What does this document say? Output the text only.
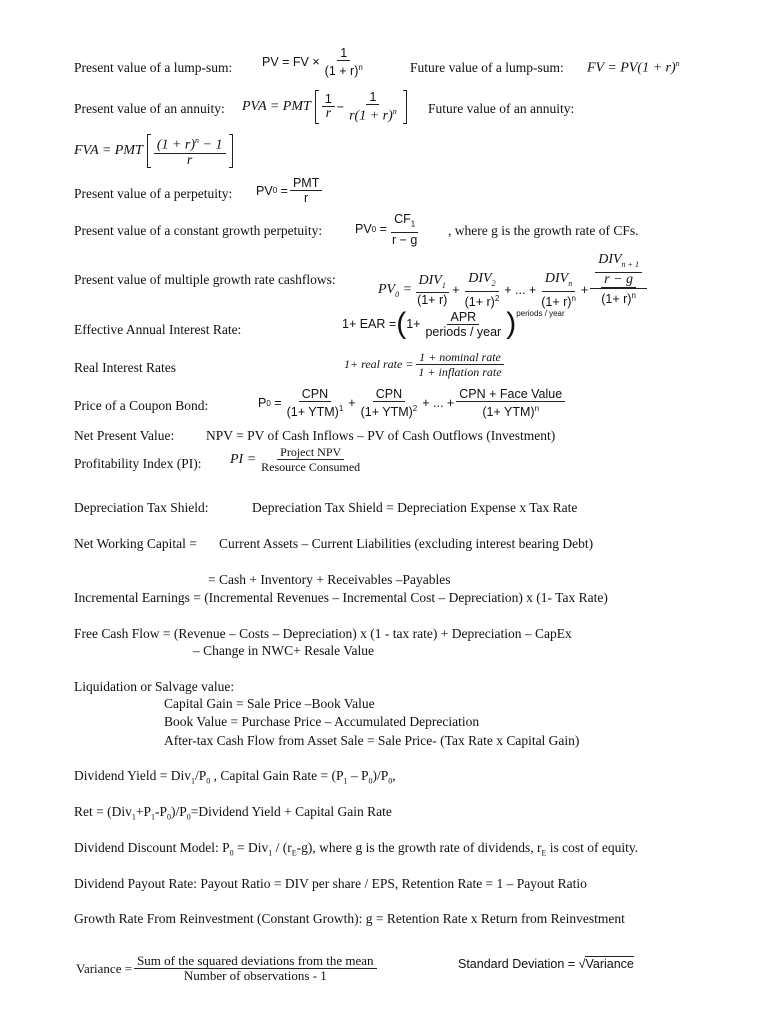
Present value of a lump-sum: PV = FV × $\frac{1}{(1 + r)^n}$	Future value of a lump-sum: FV = $PV(1 + r)^n$
Present value of an annuity: PVA = PMT $\frac{1}{r} - \frac{1}{r(1 + r)^n}$ Future value of an annuity:
FVA = PMT $\frac{(1 + r)^n - 1}{r}$
Present value of a perpetuity: PV 0
= $\frac{\text{PMT}}{r}$
Present value of a constant growth perpetuity:	PV 0
= $\frac{CF_1}{r - g}$ , where g is the growth rate of CFs.
Present value of multiple growth rate cashflows:
$PV_0 = \frac{DIV_1}{(1+ r)} + \frac{DIV_2}{(1+ r)^2}$ + ... + $\frac{DIV_n}{(1+ r)^n} + \frac{\frac{DIV_{n + 1}}{r - g}}{(1+ r)^n}$
Effective Annual Interest Rate:	1+ EAR = ( $1+ \frac{\text{APR}}{\text{periods / year}} )^{periods / year}$
Real Interest Rates	1+ real rate = $\frac{\text{1 + nominal rate}}{\text{1 + inflation rate}}$
Price of a Coupon Bond:	P 0
= $\frac{\text{CPN}}{(1+ YTM)^1} + \frac{\text{CPN}}{(1+ YTM)^2}$ + ... + $\frac{\text{CPN + Face Value}}{(1+ YTM)^n}$
Net Present Value: NPV = PV of Cash Inflows – PV of Cash Outflows (Investment)
Profitability Index (PI): PI = $\frac{\text{Project NPV}}{\text{Resource Consumed}}$
Depreciation Tax Shield:	Depreciation Tax Shield = Depreciation Expense x Tax Rate
Net Working Capital = Current Assets – Current Liabilities (excluding interest bearing Debt)
= Cash + Inventory + Receivables –Payables
Incremental Earnings = (Incremental Revenues – Incremental Cost – Depreciation) x (1- Tax Rate)
Free Cash Flow = (Revenue – Costs – Depreciation) x (1 - tax rate) + Depreciation – CapEx
– Change in NWC+ Resale Value
Liquidation or Salvage value:
Capital Gain = Sale Price –Book Value
Book Value = Purchase Price – Accumulated Depreciation
After-tax Cash Flow from Asset Sale = Sale Price- (Tax Rate x Capital Gain)
Dividend Yield = $Div_1/P_0$ , Capital Gain Rate = $(P_1 - P_0)/P_0$,
Ret = $(Div_1+P_1-P_0)/P_0=Dividend$ Yield + Capital Gain Rate
Dividend Discount Model: $P_0 = Div_1 / (r_E-g)$, where g is the growth rate of dividends, $r_E$ is cost of equity.
Dividend Payout Rate: Payout Ratio = DIV per share / EPS, Retention Rate = 1 – Payout Ratio
Growth Rate From Reinvestment (Constant Growth): g = Retention Rate x Return from Reinvestment
Variance = $\frac{\text{Sum of the squared deviations from the mean}}{\text{Number of observations - 1}}$	Standard Deviation =
√ Variance
